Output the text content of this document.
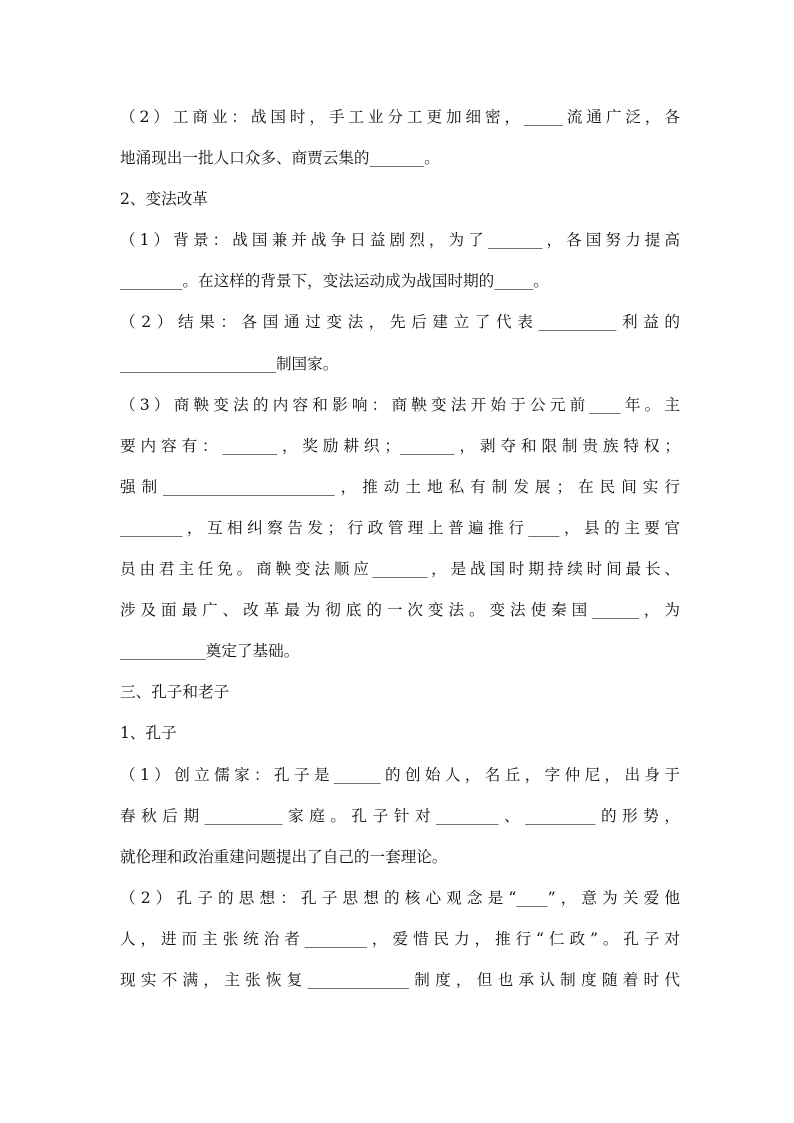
（2）工商业：战国时，手工业分工更加细密，_____流通广泛，各
地涌现出一批人口众多、商贾云集的_______。
2、变法改革
（1）背景：战国兼并战争日益剧烈，为了_______，各国努力提高
________。在这样的背景下，变法运动成为战国时期的_____。
（2）结果：各国通过变法，先后建立了代表__________利益的
____________________制国家。
（3）商鞅变法的内容和影响：商鞅变法开始于公元前____年。主
要内容有：_______，奖励耕织；_______，剥夺和限制贵族特权；
强制______________________，推动土地私有制发展；在民间实行
________，互相纠察告发；行政管理上普遍推行____，县的主要官
员由君主任免。商鞅变法顺应_______，是战国时期持续时间最长、
涉及面最广、改革最为彻底的一次变法。变法使秦国______，为
___________奠定了基础。
三、孔子和老子
1、孔子
（1）创立儒家：孔子是______的创始人，名丘，字仲尼，出身于
春秋后期__________家庭。孔子针对________、_________的形势，
就伦理和政治重建问题提出了自己的一套理论。
（2）孔子的思想：孔子思想的核心观念是“____”，意为关爱他
人，进而主张统治者________，爱惜民力，推行“仁政”。孔子对
现实不满，主张恢复_____________制度，但也承认制度随着时代
